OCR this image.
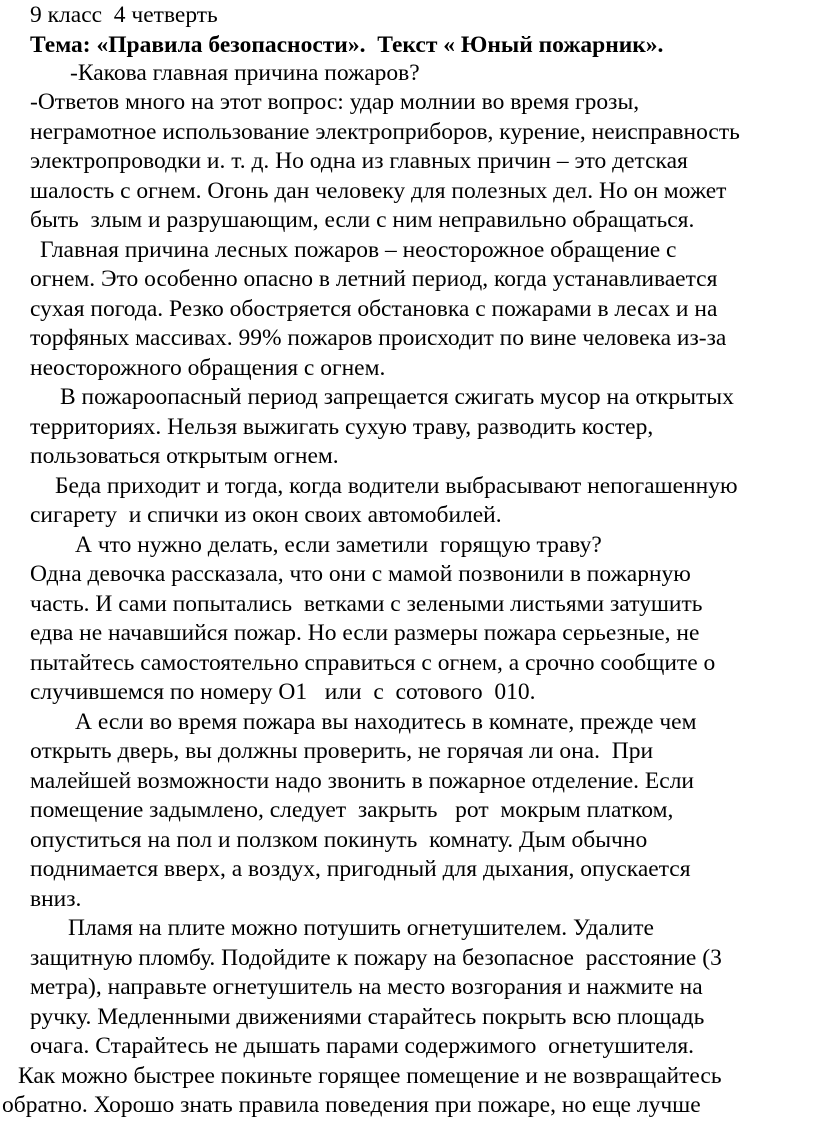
9 класс  4 четверть
Тема: «Правила безопасности».  Текст « Юный пожарник».
-Какова главная причина пожаров?
-Ответов много на этот вопрос: удар молнии во время грозы,
неграмотное использование электроприборов, курение, неисправность
электропроводки и. т. д. Но одна из главных причин – это детская
шалость с огнем. Огонь дан человеку для полезных дел. Но он может
быть  злым и разрушающим, если с ним неправильно обращаться.
Главная причина лесных пожаров – неосторожное обращение с
огнем. Это особенно опасно в летний период, когда устанавливается
сухая погода. Резко обостряется обстановка с пожарами в лесах и на
торфяных массивах. 99% пожаров происходит по вине человека из-за
неосторожного обращения с огнем.
В пожароопасный период запрещается сжигать мусор на открытых
территориях. Нельзя выжигать сухую траву, разводить костер,
пользоваться открытым огнем.
Беда приходит и тогда, когда водители выбрасывают непогашенную
сигарету  и спички из окон своих автомобилей.
А что нужно делать, если заметили  горящую траву?
Одна девочка рассказала, что они с мамой позвонили в пожарную
часть. И сами попытались  ветками с зелеными листьями затушить
едва не начавшийся пожар. Но если размеры пожара серьезные, не
пытайтесь самостоятельно справиться с огнем, а срочно сообщите о
случившемся по номеру О1   или  с  сотового  010.
А если во время пожара вы находитесь в комнате, прежде чем
открыть дверь, вы должны проверить, не горячая ли она.  При
малейшей возможности надо звонить в пожарное отделение. Если
помещение задымлено, следует  закрыть   рот  мокрым платком,
опуститься на пол и ползком покинуть  комнату. Дым обычно
поднимается вверх, а воздух, пригодный для дыхания, опускается
вниз.
Пламя на плите можно потушить огнетушителем. Удалите
защитную пломбу. Подойдите к пожару на безопасное  расстояние (3
метра), направьте огнетушитель на место возгорания и нажмите на
ручку. Медленными движениями старайтесь покрыть всю площадь
очага. Старайтесь не дышать парами содержимого  огнетушителя.
Как можно быстрее покиньте горящее помещение и не возвращайтесь
обратно. Хорошо знать правила поведения при пожаре, но еще лучше
